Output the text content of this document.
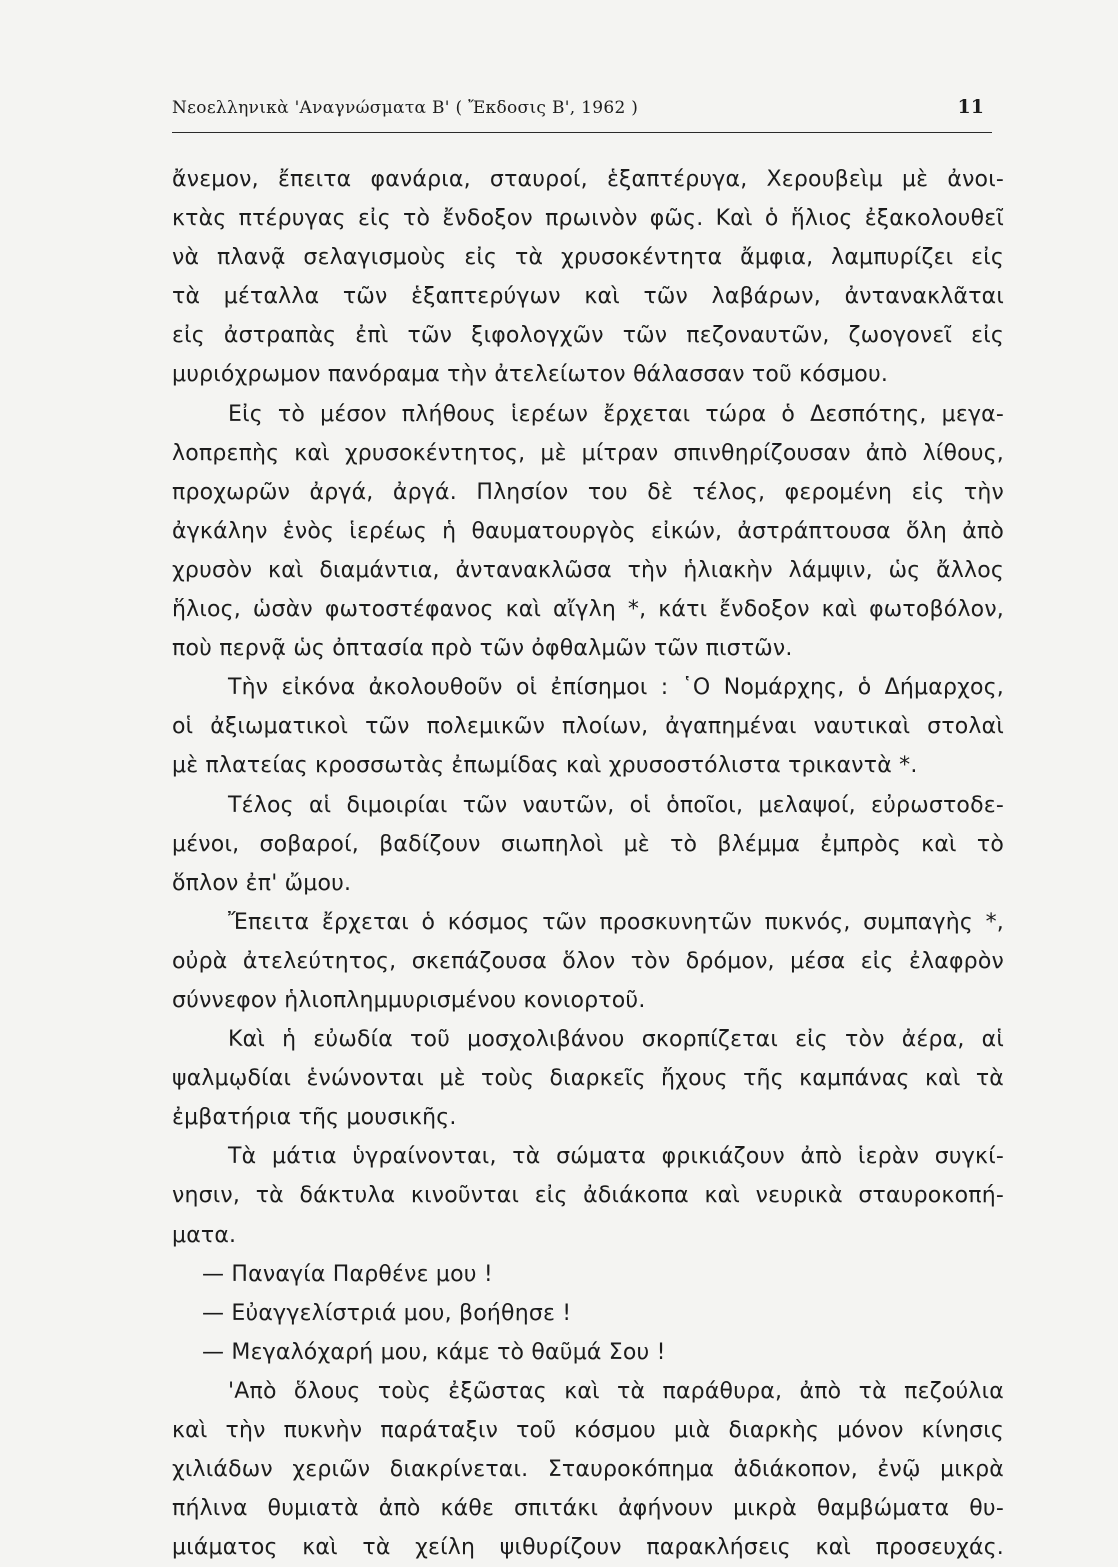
Νεοελληνικὰ 'Αναγνώσματα Β' ( Ἔκδοσις Β', 1962 )	11
ἄνεμον, ἔπειτα φανάρια, σταυροί, ἑξαπτέρυγα, Χερουβεὶμ μὲ ἀνοι-
κτὰς πτέρυγας εἰς τὸ ἔνδοξον πρωινὸν φῶς. Καὶ ὁ ἥλιος ἐξακολουθεῖ
νὰ πλανᾷ σελαγισμοὺς εἰς τὰ χρυσοκέντητα ἄμφια, λαμπυρίζει εἰς
τὰ μέταλλα τῶν ἑξαπτερύγων καὶ τῶν λαβάρων, ἀντανακλᾶται
εἰς ἀστραπὰς ἐπὶ τῶν ξιφολογχῶν τῶν πεζοναυτῶν, ζωογονεῖ εἰς
μυριόχρωμον πανόραμα τὴν ἀτελείωτον θάλασσαν τοῦ κόσμου.
Εἰς τὸ μέσον πλήθους ἱερέων ἔρχεται τώρα ὁ Δεσπότης, μεγα-
λοπρεπὴς καὶ χρυσοκέντητος, μὲ μίτραν σπινθηρίζουσαν ἀπὸ λίθους,
προχωρῶν ἀργά, ἀργά. Πλησίον του δὲ τέλος, φερομένη εἰς τὴν
ἀγκάλην ἑνὸς ἱερέως ἡ θαυματουργὸς εἰκών, ἀστράπτουσα ὅλη ἀπὸ
χρυσὸν καὶ διαμάντια, ἀντανακλῶσα τὴν ἡλιακὴν λάμψιν, ὡς ἄλλος
ἥλιος, ὡσὰν φωτοστέφανος καὶ αἴγλη *, κάτι ἔνδοξον καὶ φωτοβόλον,
ποὺ περνᾷ ὡς ὀπτασία πρὸ τῶν ὀφθαλμῶν τῶν πιστῶν.
Τὴν εἰκόνα ἀκολουθοῦν οἱ ἐπίσημοι : ῾Ο Νομάρχης, ὁ Δήμαρχος,
οἱ ἀξιωματικοὶ τῶν πολεμικῶν πλοίων, ἀγαπημέναι ναυτικαὶ στολαὶ
μὲ πλατείας κροσσωτὰς ἐπωμίδας καὶ χρυσοστόλιστα τρικαντὰ *.
Τέλος αἱ διμοιρίαι τῶν ναυτῶν, οἱ ὁποῖοι, μελαψοί, εὐρωστοδε-
μένοι, σοβαροί, βαδίζουν σιωπηλοὶ μὲ τὸ βλέμμα ἐμπρὸς καὶ τὸ
ὅπλον ἐπ' ὤμου.
Ἔπειτα ἔρχεται ὁ κόσμος τῶν προσκυνητῶν πυκνός, συμπαγὴς *,
οὐρὰ ἀτελεύτητος, σκεπάζουσα ὅλον τὸν δρόμον, μέσα εἰς ἐλαφρὸν
σύννεφον ἡλιοπλημμυρισμένου κονιορτοῦ.
Καὶ ἡ εὐωδία τοῦ μοσχολιβάνου σκορπίζεται εἰς τὸν ἀέρα, αἱ
ψαλμῳδίαι ἑνώνονται μὲ τοὺς διαρκεῖς ἤχους τῆς καμπάνας καὶ τὰ
ἐμβατήρια τῆς μουσικῆς.
Τὰ μάτια ὑγραίνονται, τὰ σώματα φρικιάζουν ἀπὸ ἱερὰν συγκί-
νησιν, τὰ δάκτυλα κινοῦνται εἰς ἀδιάκοπα καὶ νευρικὰ σταυροκοπή-
ματα.
— Παναγία Παρθένε μου !
— Εὐαγγελίστριά μου, βοήθησε !
— Μεγαλόχαρή μου, κάμε τὸ θαῦμά Σου !
'Απὸ ὅλους τοὺς ἐξῶστας καὶ τὰ παράθυρα, ἀπὸ τὰ πεζούλια
καὶ τὴν πυκνὴν παράταξιν τοῦ κόσμου μιὰ διαρκὴς μόνον κίνησις
χιλιάδων χεριῶν διακρίνεται. Σταυροκόπημα ἀδιάκοπον, ἐνῷ μικρὰ
πήλινα θυμιατὰ ἀπὸ κάθε σπιτάκι ἀφήνουν μικρὰ θαμβώματα θυ-
μιάματος καὶ τὰ χείλη ψιθυρίζουν παρακλήσεις καὶ προσευχάς.
